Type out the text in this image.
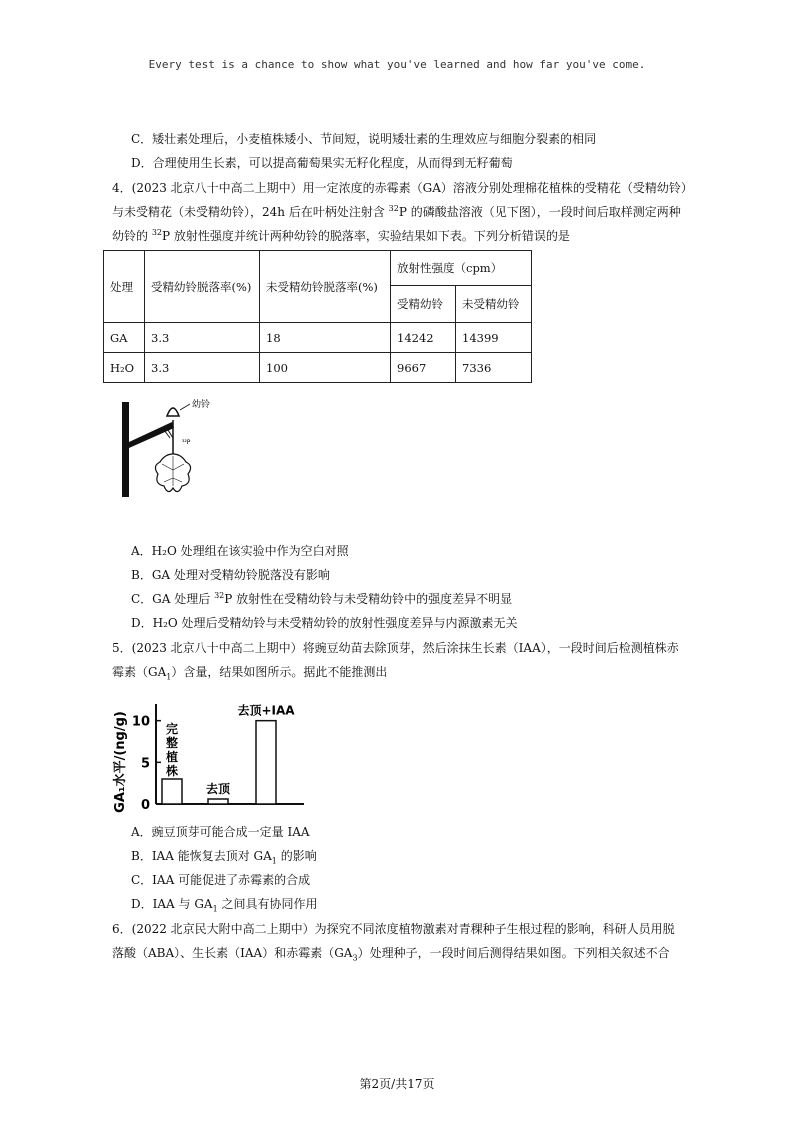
Every test is a chance to show what you've learned and how far you've come.
C．矮壮素处理后，小麦植株矮小、节间短，说明矮壮素的生理效应与细胞分裂素的相同
D．合理使用生长素，可以提高葡萄果实无籽化程度，从而得到无籽葡萄
4．(2023 北京八十中高二上期中）用一定浓度的赤霉素（GA）溶液分别处理棉花植株的受精花（受精幼铃）
与未受精花（未受精幼铃），24h 后在叶柄处注射含 $^{32}$P 的磷酸盐溶液（见下图），一段时间后取样测定两种
幼铃的 $^{32}$P 放射性强度并统计两种幼铃的脱落率，实验结果如下表。下列分析错误的是
处理	受精幼铃脱落率(%)	未受精幼铃脱落率(%)	放射性强度（cpm）	
			受精幼铃	未受精幼铃
GA	3.3	18	14242	14399
H₂O	3.3	100	9667	7336
幼铃
³²P
A．H₂O 处理组在该实验中作为空白对照
B．GA 处理对受精幼铃脱落没有影响
C．GA 处理后 $^{32}$P 放射性在受精幼铃与未受精幼铃中的强度差异不明显
D．H₂O 处理后受精幼铃与未受精幼铃的放射性强度差异与内源激素无关
5．(2023 北京八十中高二上期中）将豌豆幼苗去除顶芽，然后涂抹生长素（IAA），一段时间后检测植株赤
霉素$(GA_1)$含量，结果如图所示。据此不能推测出
GA₁水平/(ng/g) 0
5
10 完
整
植
株
去顶
去顶+IAA
A．豌豆顶芽可能合成一定量 IAA
B．IAA 能恢复去顶对 $GA_1$ 的影响
C．IAA 可能促进了赤霉素的合成
D．IAA 与 $GA_1$ 之间具有协同作用
6．(2022 北京民大附中高二上期中）为探究不同浓度植物激素对青稞种子生根过程的影响，科研人员用脱
落酸（ABA）、生长素（IAA）和赤霉素$(GA_3)$处理种子，一段时间后测得结果如图。下列相关叙述不合
第2页/共17页
